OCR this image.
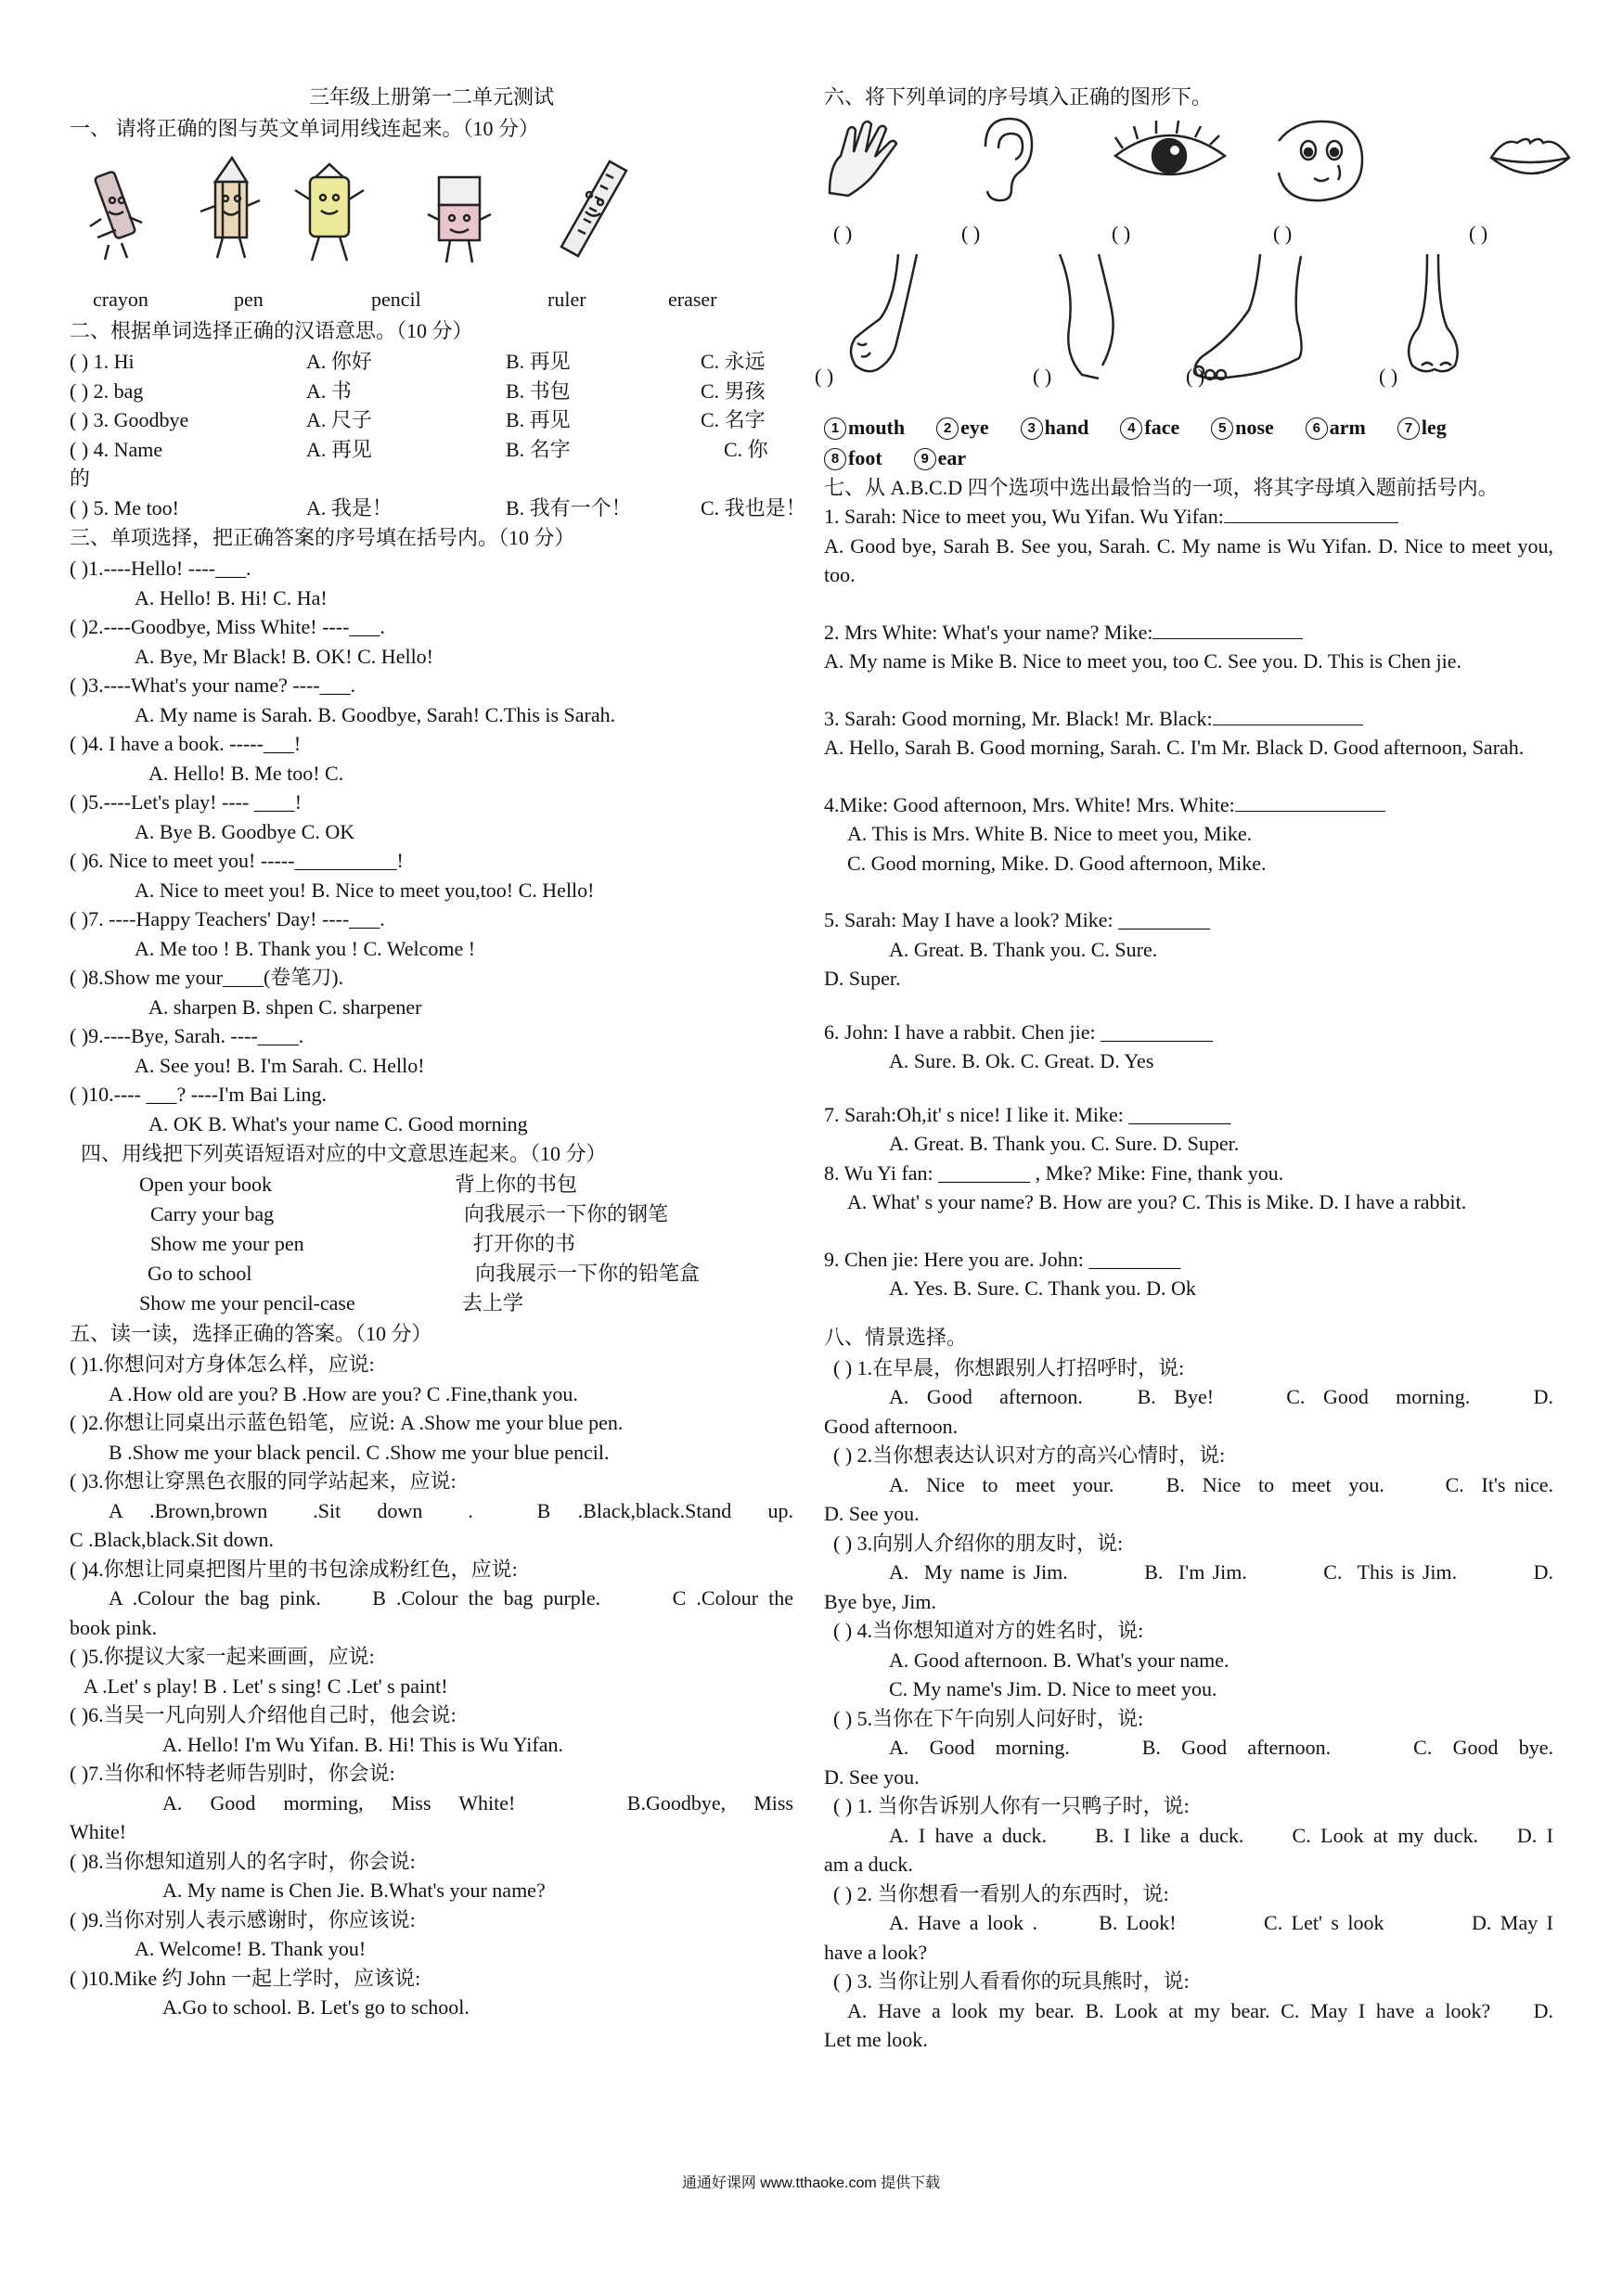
三年级上册第一二单元测试
一、 请将正确的图与英文单词用线连起来。（10 分）
crayon	pen	pencil	ruler	eraser
二、根据单词选择正确的汉语意思。（10 分）
( ) 1. Hi	A. 你好	B. 再见	C. 永远
( ) 2. bag	A. 书	B. 书包	C. 男孩
( ) 3. Goodbye	A. 尺子	B. 再见	C. 名字
( ) 4. Name	A. 再见	B. 名字	C. 你
的
( ) 5. Me too!	A. 我是！	B. 我有一个！	C. 我也是！
三、单项选择，把正确答案的序号填在括号内。（10 分）
( )1.----Hello! ----___.
A. Hello! B. Hi! C. Ha!
( )2.----Goodbye, Miss White! ----___.
A. Bye, Mr Black! B. OK! C. Hello!
( )3.----What's your name? ----___.
A. My name is Sarah. B. Goodbye, Sarah! C.This is Sarah.
( )4. I have a book. -----___!
A. Hello! B. Me too! C.
( )5.----Let's play! ---- ____!
A. Bye B. Goodbye C. OK
( )6. Nice to meet you! -----__________!
A. Nice to meet you! B. Nice to meet you,too! C. Hello!
( )7. ----Happy Teachers' Day! ----___.
A. Me too ! B. Thank you ! C. Welcome !
( )8.Show me your____(卷笔刀).
A. sharpen B. shpen C. sharpener
( )9.----Bye, Sarah. ----____.
A. See you! B. I'm Sarah. C. Hello!
( )10.---- ___? ----I'm Bai Ling.
A. OK B. What's your name C. Good morning
四、用线把下列英语短语对应的中文意思连起来。（10 分）
Open your book	背上你的书包
Carry your bag	向我展示一下你的钢笔
Show me your pen	打开你的书
Go to school	向我展示一下你的铅笔盒
Show me your pencil-case	去上学
五、读一读，选择正确的答案。（10 分）
( )1.你想问对方身体怎么样，应说:
A .How old are you? B .How are you? C .Fine,thank you.
( )2.你想让同桌出示蓝色铅笔，应说: A .Show me your blue pen.
B .Show me your black pencil. C .Show me your blue pencil.
( )3.你想让穿黑色衣服的同学站起来，应说:
A   .Brown,brown     .Sit    down     .       B   .Black,black.Stand    up.
C .Black,black.Sit down.
( )4.你想让同桌把图片里的书包涂成粉红色，应说:
A .Colour the bag pink.     B .Colour the bag purple.       C .Colour the
book pink.
( )5.你提议大家一起来画画，应说:
A .Let' s play! B . Let' s sing! C .Let' s paint!
( )6.当吴一凡向别人介绍他自己时，他会说:
A. Hello! I'm Wu Yifan. B. Hi! This is Wu Yifan.
( )7.当你和怀特老师告别时，你会说:
A.   Good   morming,   Miss   White!            B.Goodbye,   Miss
White!
( )8.当你想知道别人的名字时，你会说:
A. My name is Chen Jie. B.What's your name?
( )9.当你对别人表示感谢时，你应该说:
A. Welcome! B. Thank you!
( )10.Mike 约 John 一起上学时，应该说:
A.Go to school. B. Let's go to school.
六、将下列单词的序号填入正确的图形下。
( )	( )	( )	( )	( )
( )	( )	( )	( )
1 mouth	2 eye	3 hand	4 face	5 nose	6 arm	7 leg
8 foot	9 ear
七、从 A.B.C.D 四个选项中选出最恰当的一项，将其字母填入题前括号内。
1. Sarah: Nice to meet you, Wu Yifan. Wu Yifan:
A. Good bye, Sarah B. See you, Sarah. C. My name is Wu Yifan. D. Nice to meet you, too.
2. Mrs White: What's your name? Mike:
A. My name is Mike B. Nice to meet you, too C. See you. D. This is Chen jie.
3. Sarah: Good morning, Mr. Black! Mr. Black:
A. Hello, Sarah B. Good morning, Sarah. C. I'm Mr. Black D. Good afternoon, Sarah.
4.Mike: Good afternoon, Mrs. White! Mrs. White:
A. This is Mrs. White B. Nice to meet you, Mike.
C. Good morning, Mike. D. Good afternoon, Mike.
5. Sarah: May I have a look? Mike: _________
A. Great. B. Thank you. C. Sure.
D. Super.
6. John: I have a rabbit. Chen jie: ___________
A. Sure. B. Ok. C. Great. D. Yes
7. Sarah:Oh,it' s nice! I like it. Mike: __________
A. Great. B. Thank you. C. Sure. D. Super.
8. Wu Yi fan: _________ , Mke? Mike: Fine, thank you.
A. What' s your name? B. How are you? C. This is Mike. D. I have a rabbit.
9. Chen jie: Here you are. John: _________
A. Yes. B. Sure. C. Thank you. D. Ok
八、情景选择。
( ) 1.在早晨，你想跟别人打招呼时，说:
A.  Good   afternoon.      B.  Bye!        C.  Good   morning.       D.
Good afternoon.
( ) 2.当你想表达认识对方的高兴心情时，说:
A.  Nice  to  meet  your.      B.  Nice  to  meet  you.       C.  It's nice.
D. See you.
( ) 3.向别人介绍你的朋友时，说:
A.  My name is Jim.          B.  I'm Jim.          C.  This is Jim.          D.
Bye bye, Jim.
( ) 4.当你想知道对方的姓名时，说:
A. Good afternoon. B. What's your name.
C. My name's Jim. D. Nice to meet you.
( ) 5.当你在下午向别人问好时，说:
A.  Good  morning.       B.  Good  afternoon.        C.  Good  bye.
D. See you.
( ) 1. 当你告诉别人你有一只鸭子时，说:
A. I have a duck.     B. I like a duck.     C. Look at my duck.    D. I
am a duck.
( ) 2. 当你想看一看别人的东西时，说:
A. Have a look .       B. Look!          C. Let' s look          D. May I
have a look?
( ) 3. 当你让别人看看你的玩具熊时，说:
A. Have a look my bear. B. Look at my bear. C. May I have a look?    D.
Let me look.
通通好课网 www.tthaoke.com 提供下载
